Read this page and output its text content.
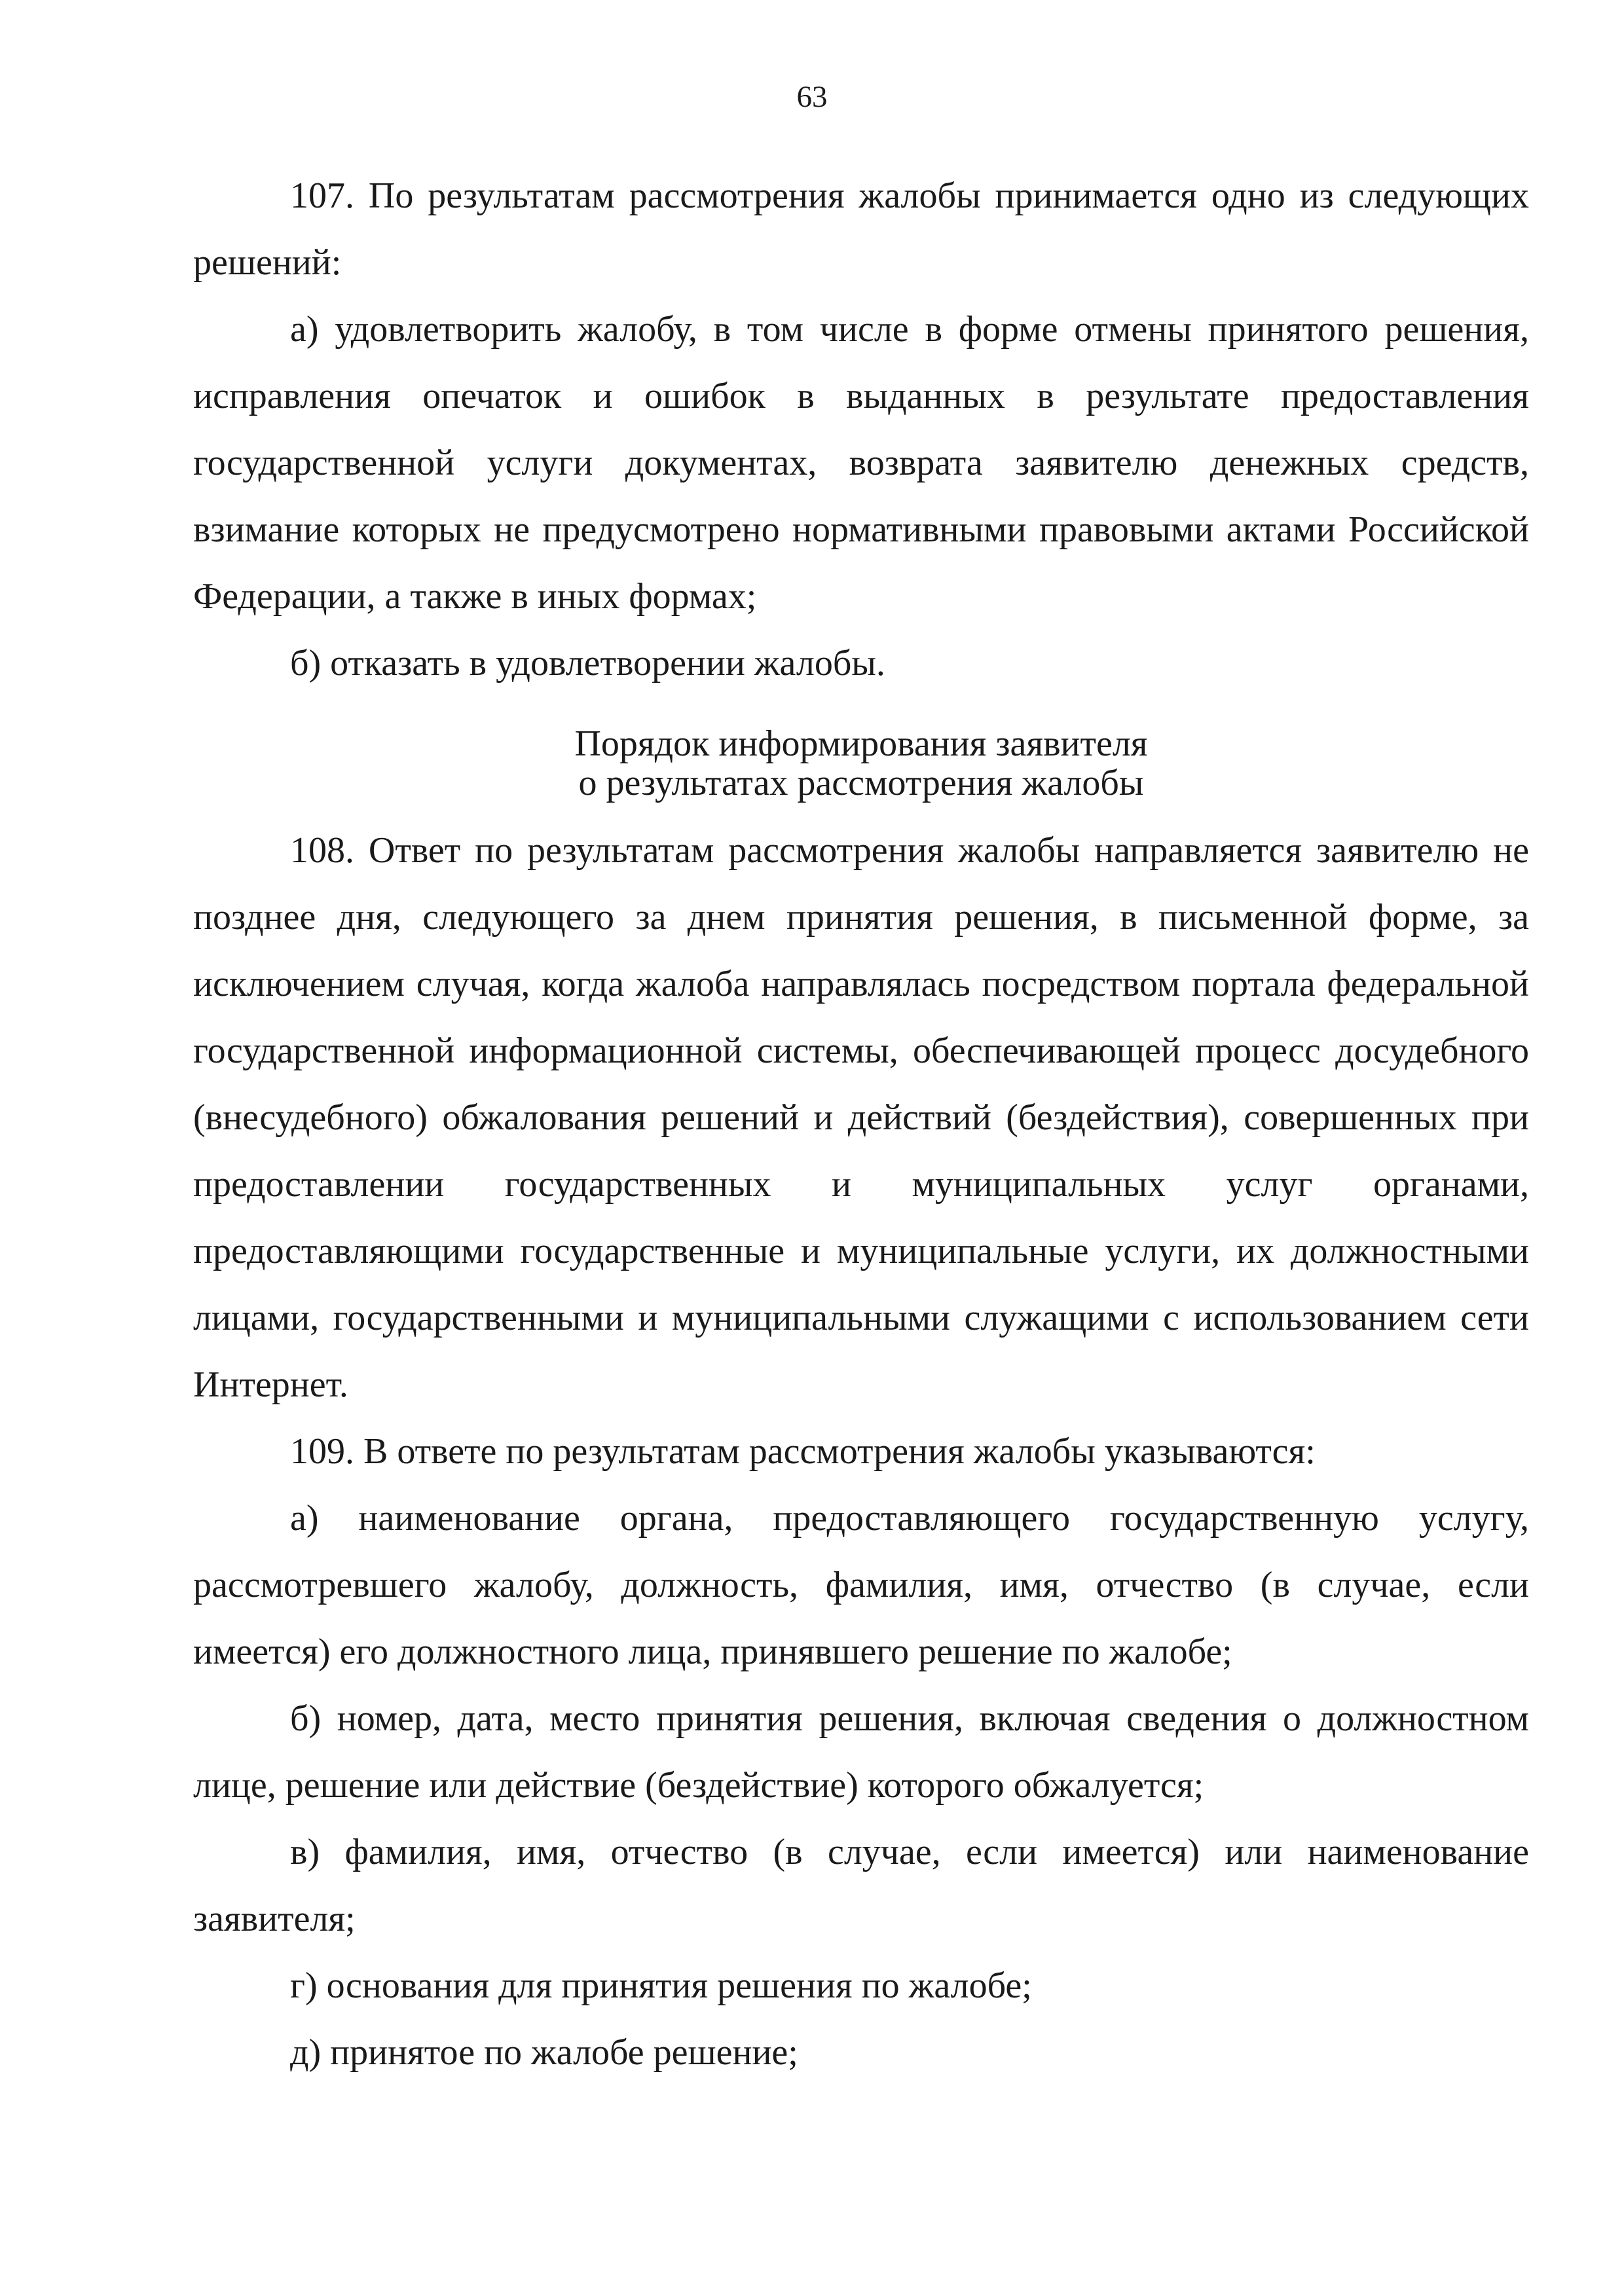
63

107. По результатам рассмотрения жалобы принимается одно из следующих решений:

а) удовлетворить жалобу, в том числе в форме отмены принятого решения, исправления опечаток и ошибок в выданных в результате предоставления государственной услуги документах, возврата заявителю денежных средств, взимание которых не предусмотрено нормативными правовыми актами Российской Федерации, а также в иных формах;

б) отказать в удовлетворении жалобы.

Порядок информирования заявителя
о результатах рассмотрения жалобы

108. Ответ по результатам рассмотрения жалобы направляется заявителю не позднее дня, следующего за днем принятия решения, в письменной форме, за исключением случая, когда жалоба направлялась посредством портала федеральной государственной информационной системы, обеспечивающей процесс досудебного (внесудебного) обжалования решений и действий (бездействия), совершенных при предоставлении государственных и муниципальных услуг органами, предоставляющими государственные и муниципальные услуги, их должностными лицами, государственными и муниципальными служащими с использованием сети Интернет.

109. В ответе по результатам рассмотрения жалобы указываются:

а) наименование органа, предоставляющего государственную услугу, рассмотревшего жалобу, должность, фамилия, имя, отчество (в случае, если имеется) его должностного лица, принявшего решение по жалобе;

б) номер, дата, место принятия решения, включая сведения о должностном лице, решение или действие (бездействие) которого обжалуется;

в) фамилия, имя, отчество (в случае, если имеется) или наименование заявителя;

г) основания для принятия решения по жалобе;

д) принятое по жалобе решение;
